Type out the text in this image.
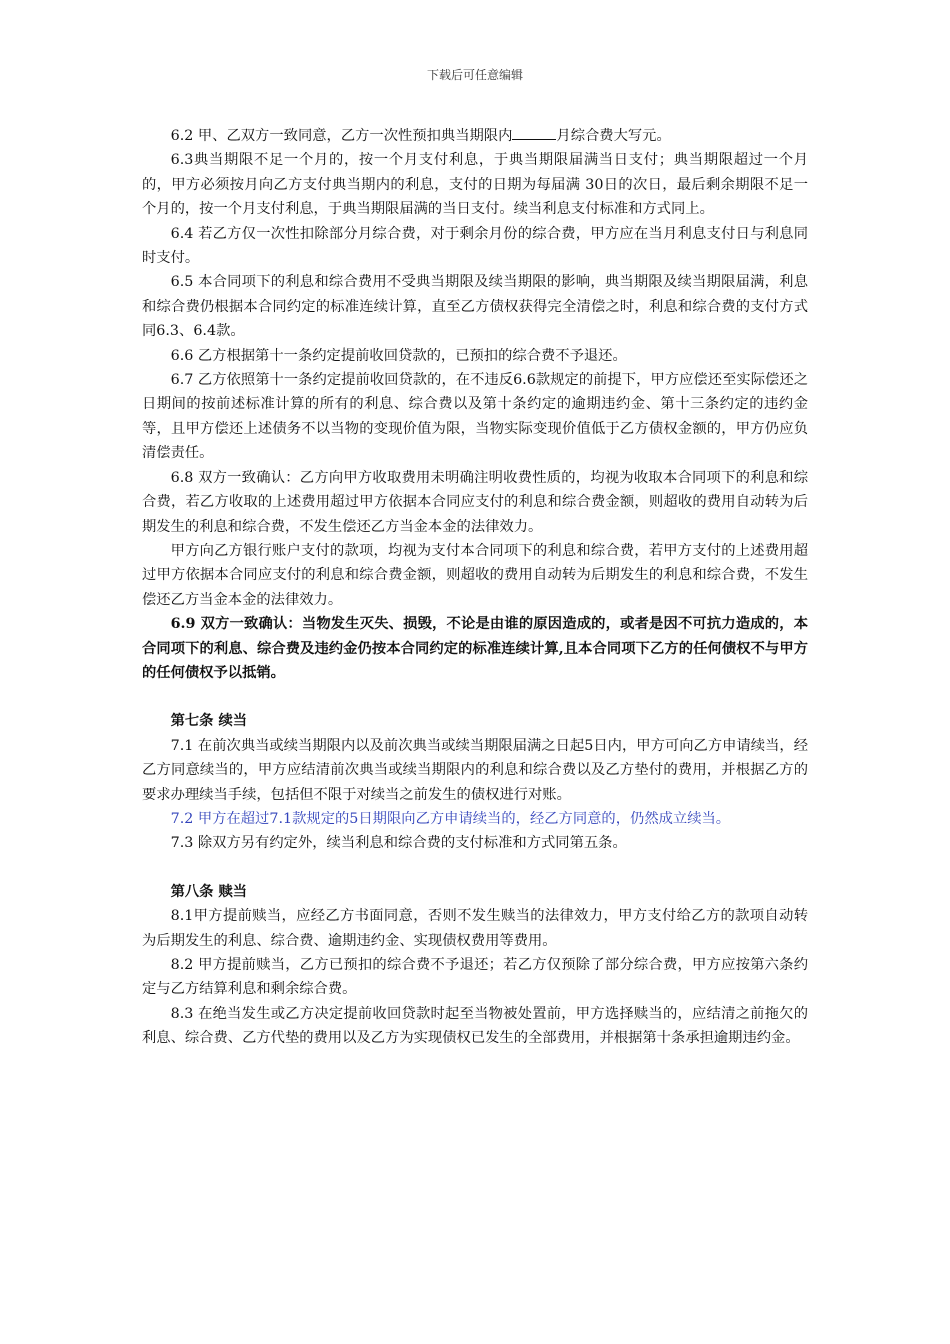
下载后可任意编辑

6.2 甲、乙双方一致同意，乙方一次性预扣典当期限内	月综合费大写元。

6.3典当期限不足一个月的，按一个月支付利息，于典当期限届满当日支付；典当期限超过一个月的，甲方必须按月向乙方支付典当期内的利息，支付的日期为每届满 30日的次日，最后剩余期限不足一个月的，按一个月支付利息，于典当期限届满的当日支付。续当利息支付标准和方式同上。

6.4 若乙方仅一次性扣除部分月综合费，对于剩余月份的综合费，甲方应在当月利息支付日与利息同时支付。

6.5 本合同项下的利息和综合费用不受典当期限及续当期限的影响，典当期限及续当期限届满，利息和综合费仍根据本合同约定的标准连续计算，直至乙方债权获得完全清偿之时，利息和综合费的支付方式同6.3、6.4款。

6.6 乙方根据第十一条约定提前收回贷款的，已预扣的综合费不予退还。

6.7 乙方依照第十一条约定提前收回贷款的，在不违反6.6款规定的前提下，甲方应偿还至实际偿还之日期间的按前述标准计算的所有的利息、综合费以及第十条约定的逾期违约金、第十三条约定的违约金等，且甲方偿还上述债务不以当物的变现价值为限，当物实际变现价值低于乙方债权金额的，甲方仍应负清偿责任。

6.8 双方一致确认：乙方向甲方收取费用未明确注明收费性质的，均视为收取本合同项下的利息和综合费，若乙方收取的上述费用超过甲方依据本合同应支付的利息和综合费金额，则超收的费用自动转为后期发生的利息和综合费，不发生偿还乙方当金本金的法律效力。

甲方向乙方银行账户支付的款项，均视为支付本合同项下的利息和综合费，若甲方支付的上述费用超过甲方依据本合同应支付的利息和综合费金额，则超收的费用自动转为后期发生的利息和综合费，不发生偿还乙方当金本金的法律效力。

6.9 双方一致确认：当物发生灭失、损毁，不论是由谁的原因造成的，或者是因不可抗力造成的，本合同项下的利息、综合费及违约金仍按本合同约定的标准连续计算,且本合同项下乙方的任何债权不与甲方的任何债权予以抵销。

第七条 续当

7.1 在前次典当或续当期限内以及前次典当或续当期限届满之日起5日内，甲方可向乙方申请续当，经乙方同意续当的，甲方应结清前次典当或续当期限内的利息和综合费以及乙方垫付的费用，并根据乙方的要求办理续当手续，包括但不限于对续当之前发生的债权进行对账。

7.2 甲方在超过7.1款规定的5日期限向乙方申请续当的，经乙方同意的，仍然成立续当。

7.3 除双方另有约定外，续当利息和综合费的支付标准和方式同第五条。

第八条 赎当

8.1甲方提前赎当，应经乙方书面同意，否则不发生赎当的法律效力，甲方支付给乙方的款项自动转为后期发生的利息、综合费、逾期违约金、实现债权费用等费用。

8.2 甲方提前赎当，乙方已预扣的综合费不予退还；若乙方仅预除了部分综合费，甲方应按第六条约定与乙方结算利息和剩余综合费。

8.3 在绝当发生或乙方决定提前收回贷款时起至当物被处置前，甲方选择赎当的，应结清之前拖欠的利息、综合费、乙方代垫的费用以及乙方为实现债权已发生的全部费用，并根据第十条承担逾期违约金。
